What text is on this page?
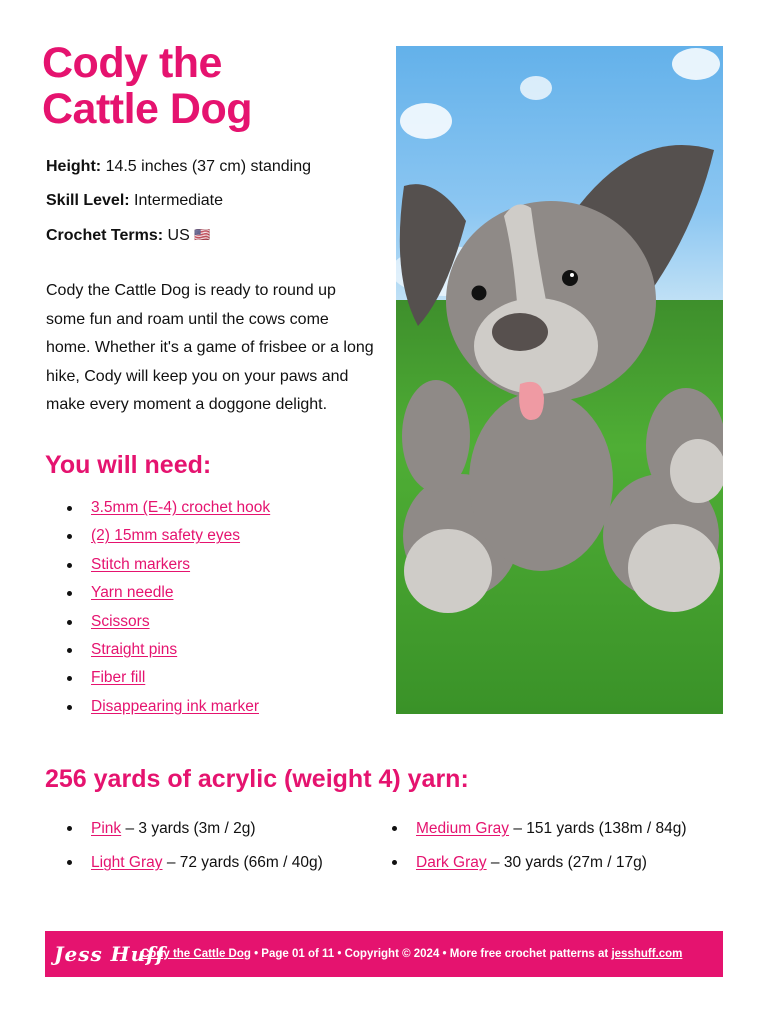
Cody the
Cattle Dog
Height: 14.5 inches (37 cm) standing
Skill Level: Intermediate
Crochet Terms: US 🇺🇸

Cody the Cattle Dog is ready to round up some fun and roam until the cows come home. Whether it's a game of frisbee or a long hike, Cody will keep you on your paws and make every moment a doggone delight.

You will need:
3.5mm (E-4) crochet hook
(2) 15mm safety eyes
Stitch markers
Yarn needle
Scissors
Straight pins
Fiber fill
Disappearing ink marker
256 yards of acrylic (weight 4) yarn:
Pink – 3 yards (3m / 2g)
Light Gray – 72 yards (66m / 40g)
Medium Gray – 151 yards (138m / 84g)
Dark Gray – 30 yards (27m / 17g)
Jess Huff
Cody the Cattle Dog • Page 01 of 11 • Copyright © 2024 • More free crochet patterns at jesshuff.com
